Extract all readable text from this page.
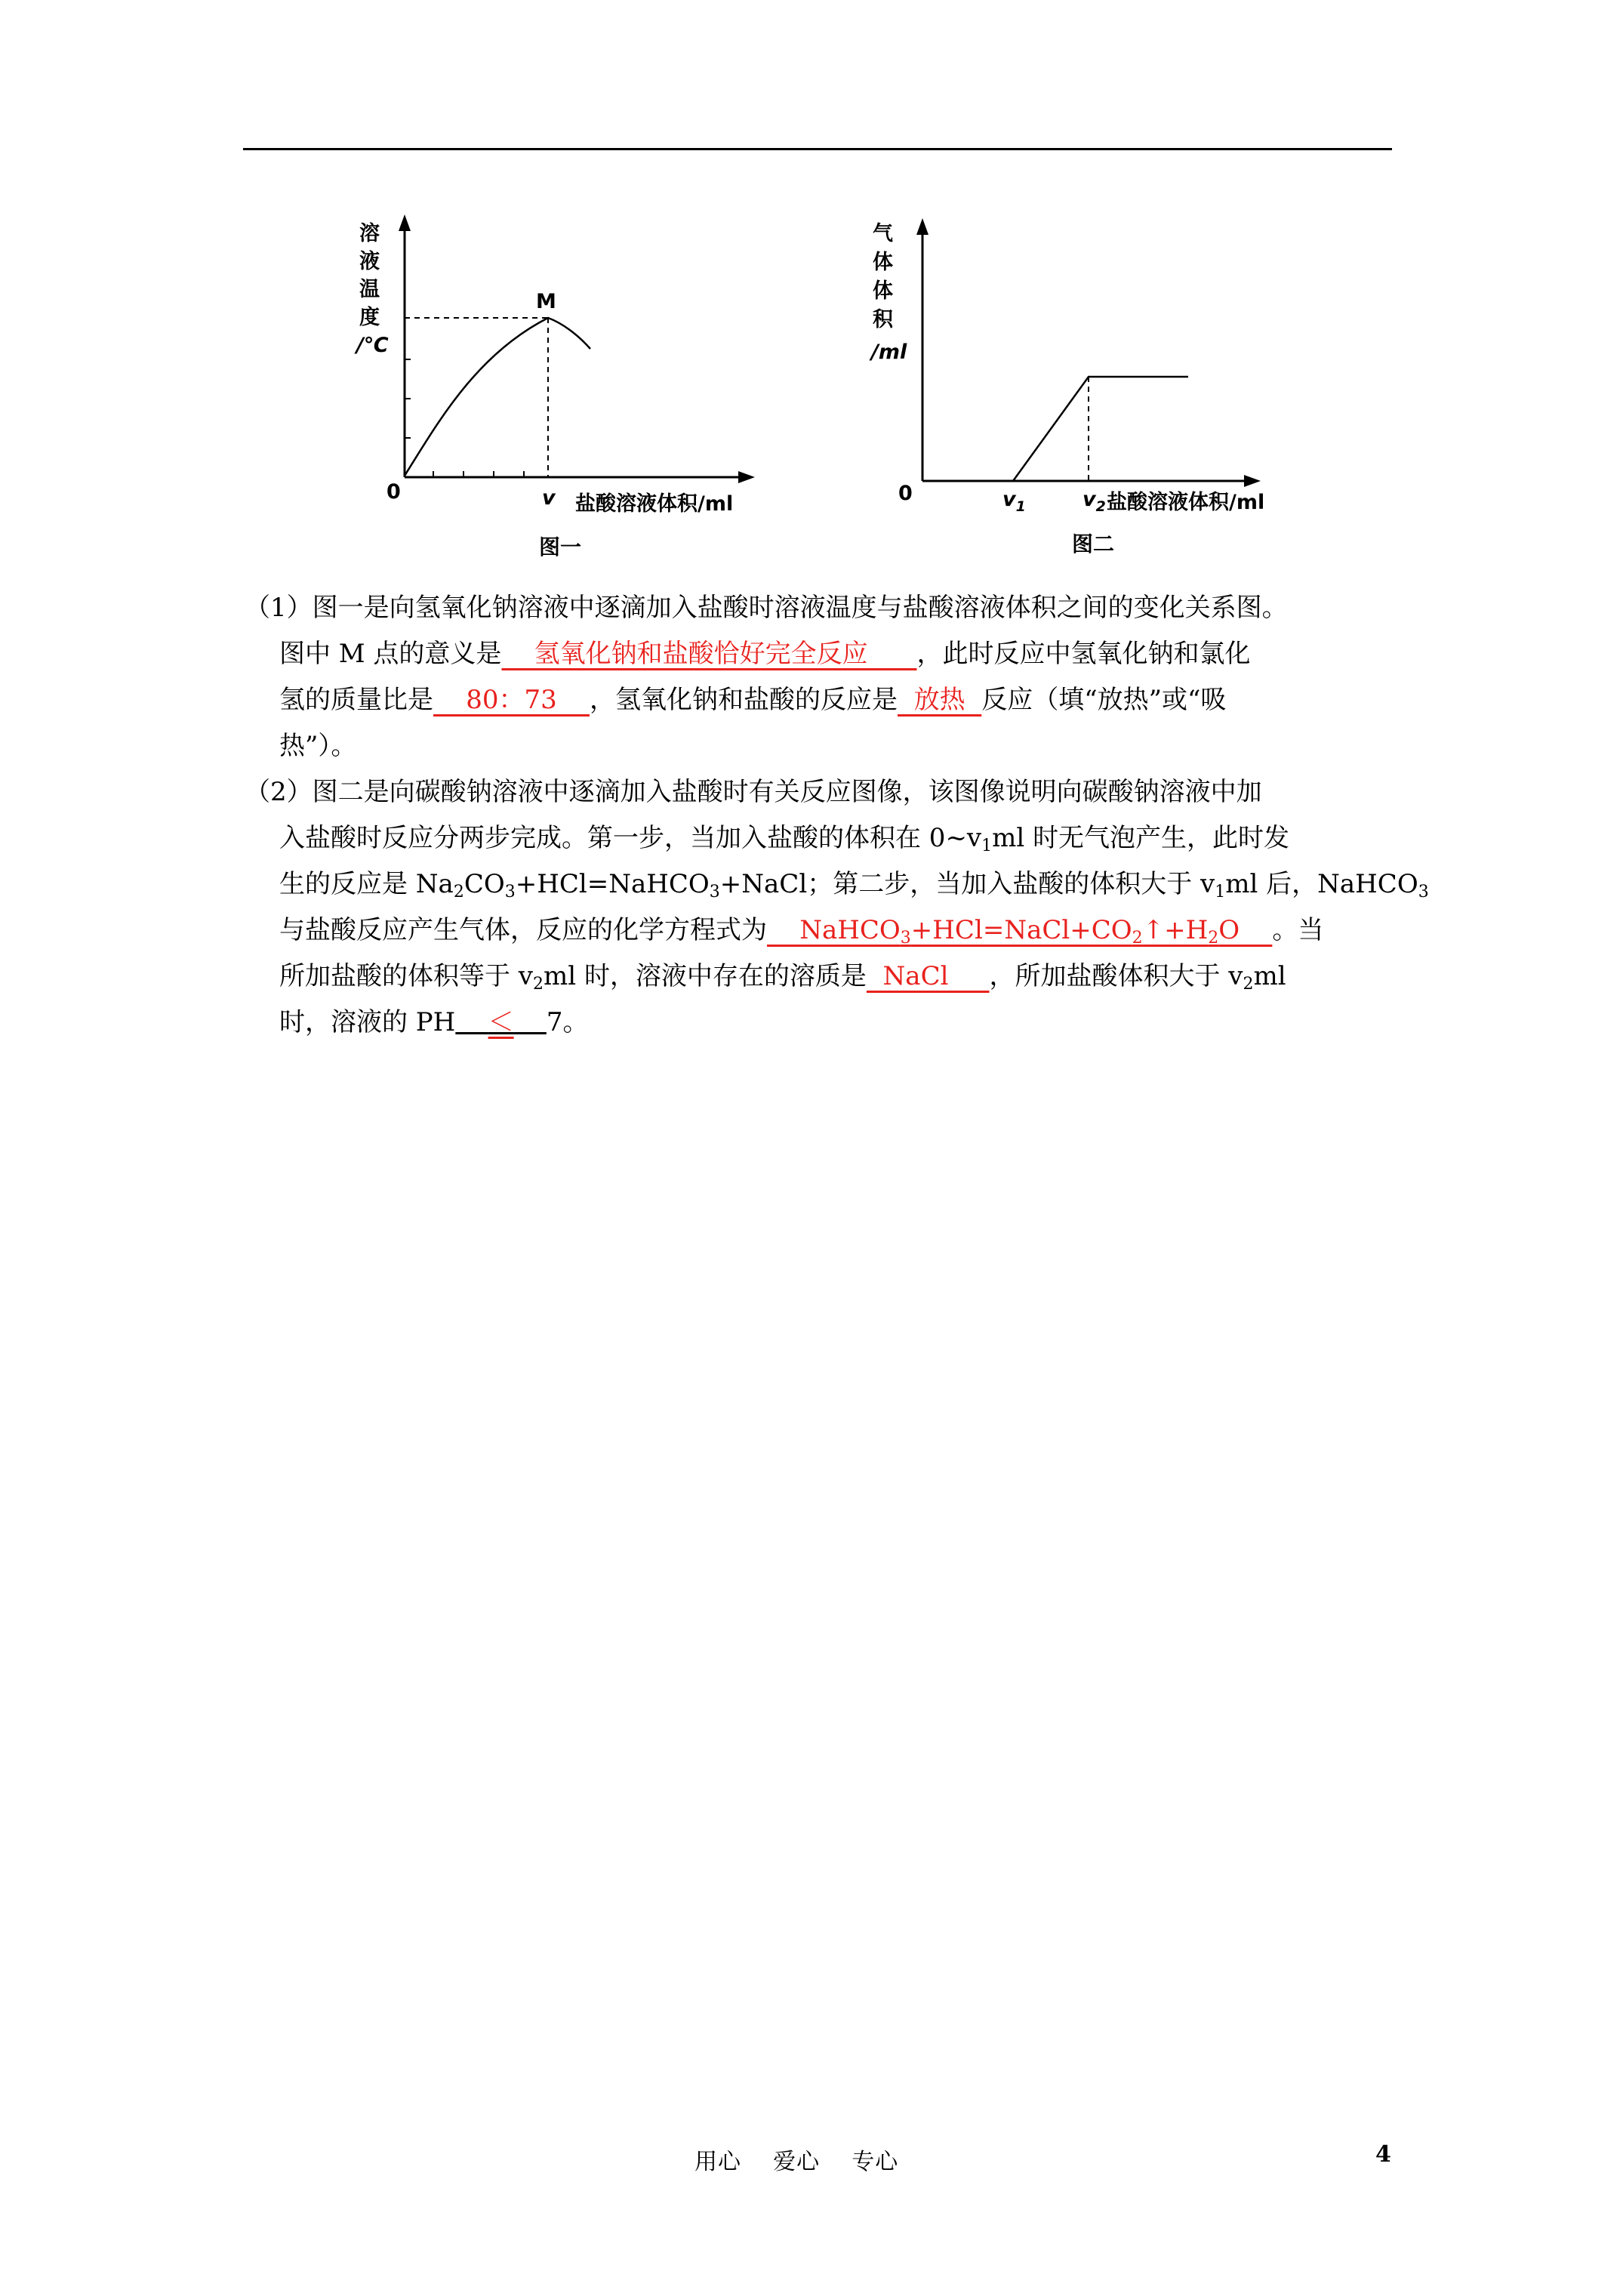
溶
液
温
度
/℃
0
M
v 盐酸溶液体积/ml
图一
气
体
体
积
/ml
0	$v_1$	$v_2$ 盐酸溶液体积/ml
图二
（1）图一是向氢氧化钠溶液中逐滴加入盐酸时溶液温度与盐酸溶液体积之间的变化关系图。
图中 M 点的意义是    氢氧化钠和盐酸恰好完全反应      ，此时反应中氢氧化钠和氯化
氢的质量比是    80：73    ，氢氧化钠和盐酸的反应是  放热  反应（填“放热”或“吸
热”）。
（2）图二是向碳酸钠溶液中逐滴加入盐酸时有关反应图像，该图像说明向碳酸钠溶液中加
入盐酸时反应分两步完成。第一步，当加入盐酸的体积在 $0\sim v_1ml$ 时无气泡产生，此时发
生的反应是 $Na_2CO_3+HCl=NaHCO_3+NaCl$；第二步，当加入盐酸的体积大于 $v_1ml$ 后，NaHCO$_3$
与盐酸反应产生气体，反应的化学方程式为    $NaHCO_3+HCl=NaCl+CO_2↑+H_2O$    。当
所加盐酸的体积等于 $v_2ml$ 时，溶液中存在的溶质是  NaCl     ，所加盐酸体积大于 $v_2ml$
时，溶液的 PH ＜ 7。
用心    爱心    专心	4
